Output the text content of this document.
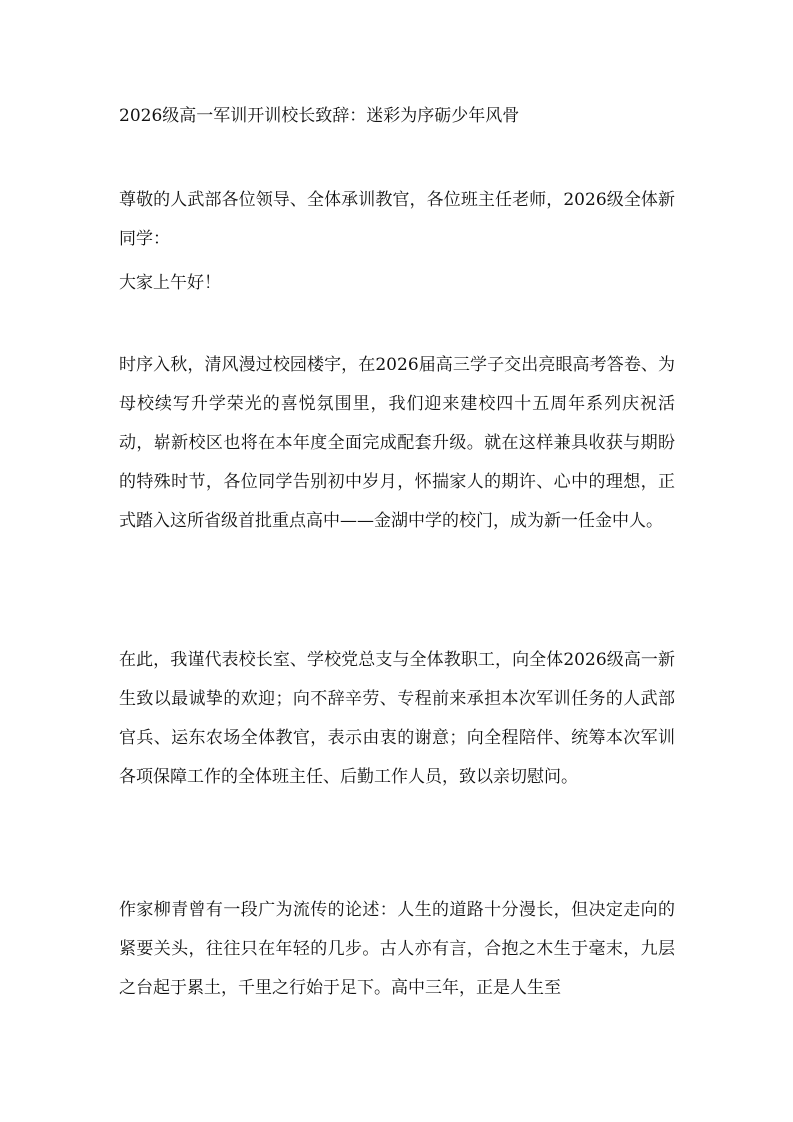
2026级高一军训开训校长致辞：迷彩为序砺少年风骨

尊敬的人武部各位领导、全体承训教官，各位班主任老师，2026级全体新同学：

大家上午好！

时序入秋，清风漫过校园楼宇，在2026届高三学子交出亮眼高考答卷、为母校续写升学荣光的喜悦氛围里，我们迎来建校四十五周年系列庆祝活动，崭新校区也将在本年度全面完成配套升级。就在这样兼具收获与期盼的特殊时节，各位同学告别初中岁月，怀揣家人的期许、心中的理想，正式踏入这所省级首批重点高中——金湖中学的校门，成为新一任金中人。

在此，我谨代表校长室、学校党总支与全体教职工，向全体2026级高一新生致以最诚挚的欢迎；向不辞辛劳、专程前来承担本次军训任务的人武部官兵、运东农场全体教官，表示由衷的谢意；向全程陪伴、统筹本次军训各项保障工作的全体班主任、后勤工作人员，致以亲切慰问。

作家柳青曾有一段广为流传的论述：人生的道路十分漫长，但决定走向的紧要关头，往往只在年轻的几步。古人亦有言，合抱之木生于毫末，九层之台起于累土，千里之行始于足下。高中三年，正是人生至
